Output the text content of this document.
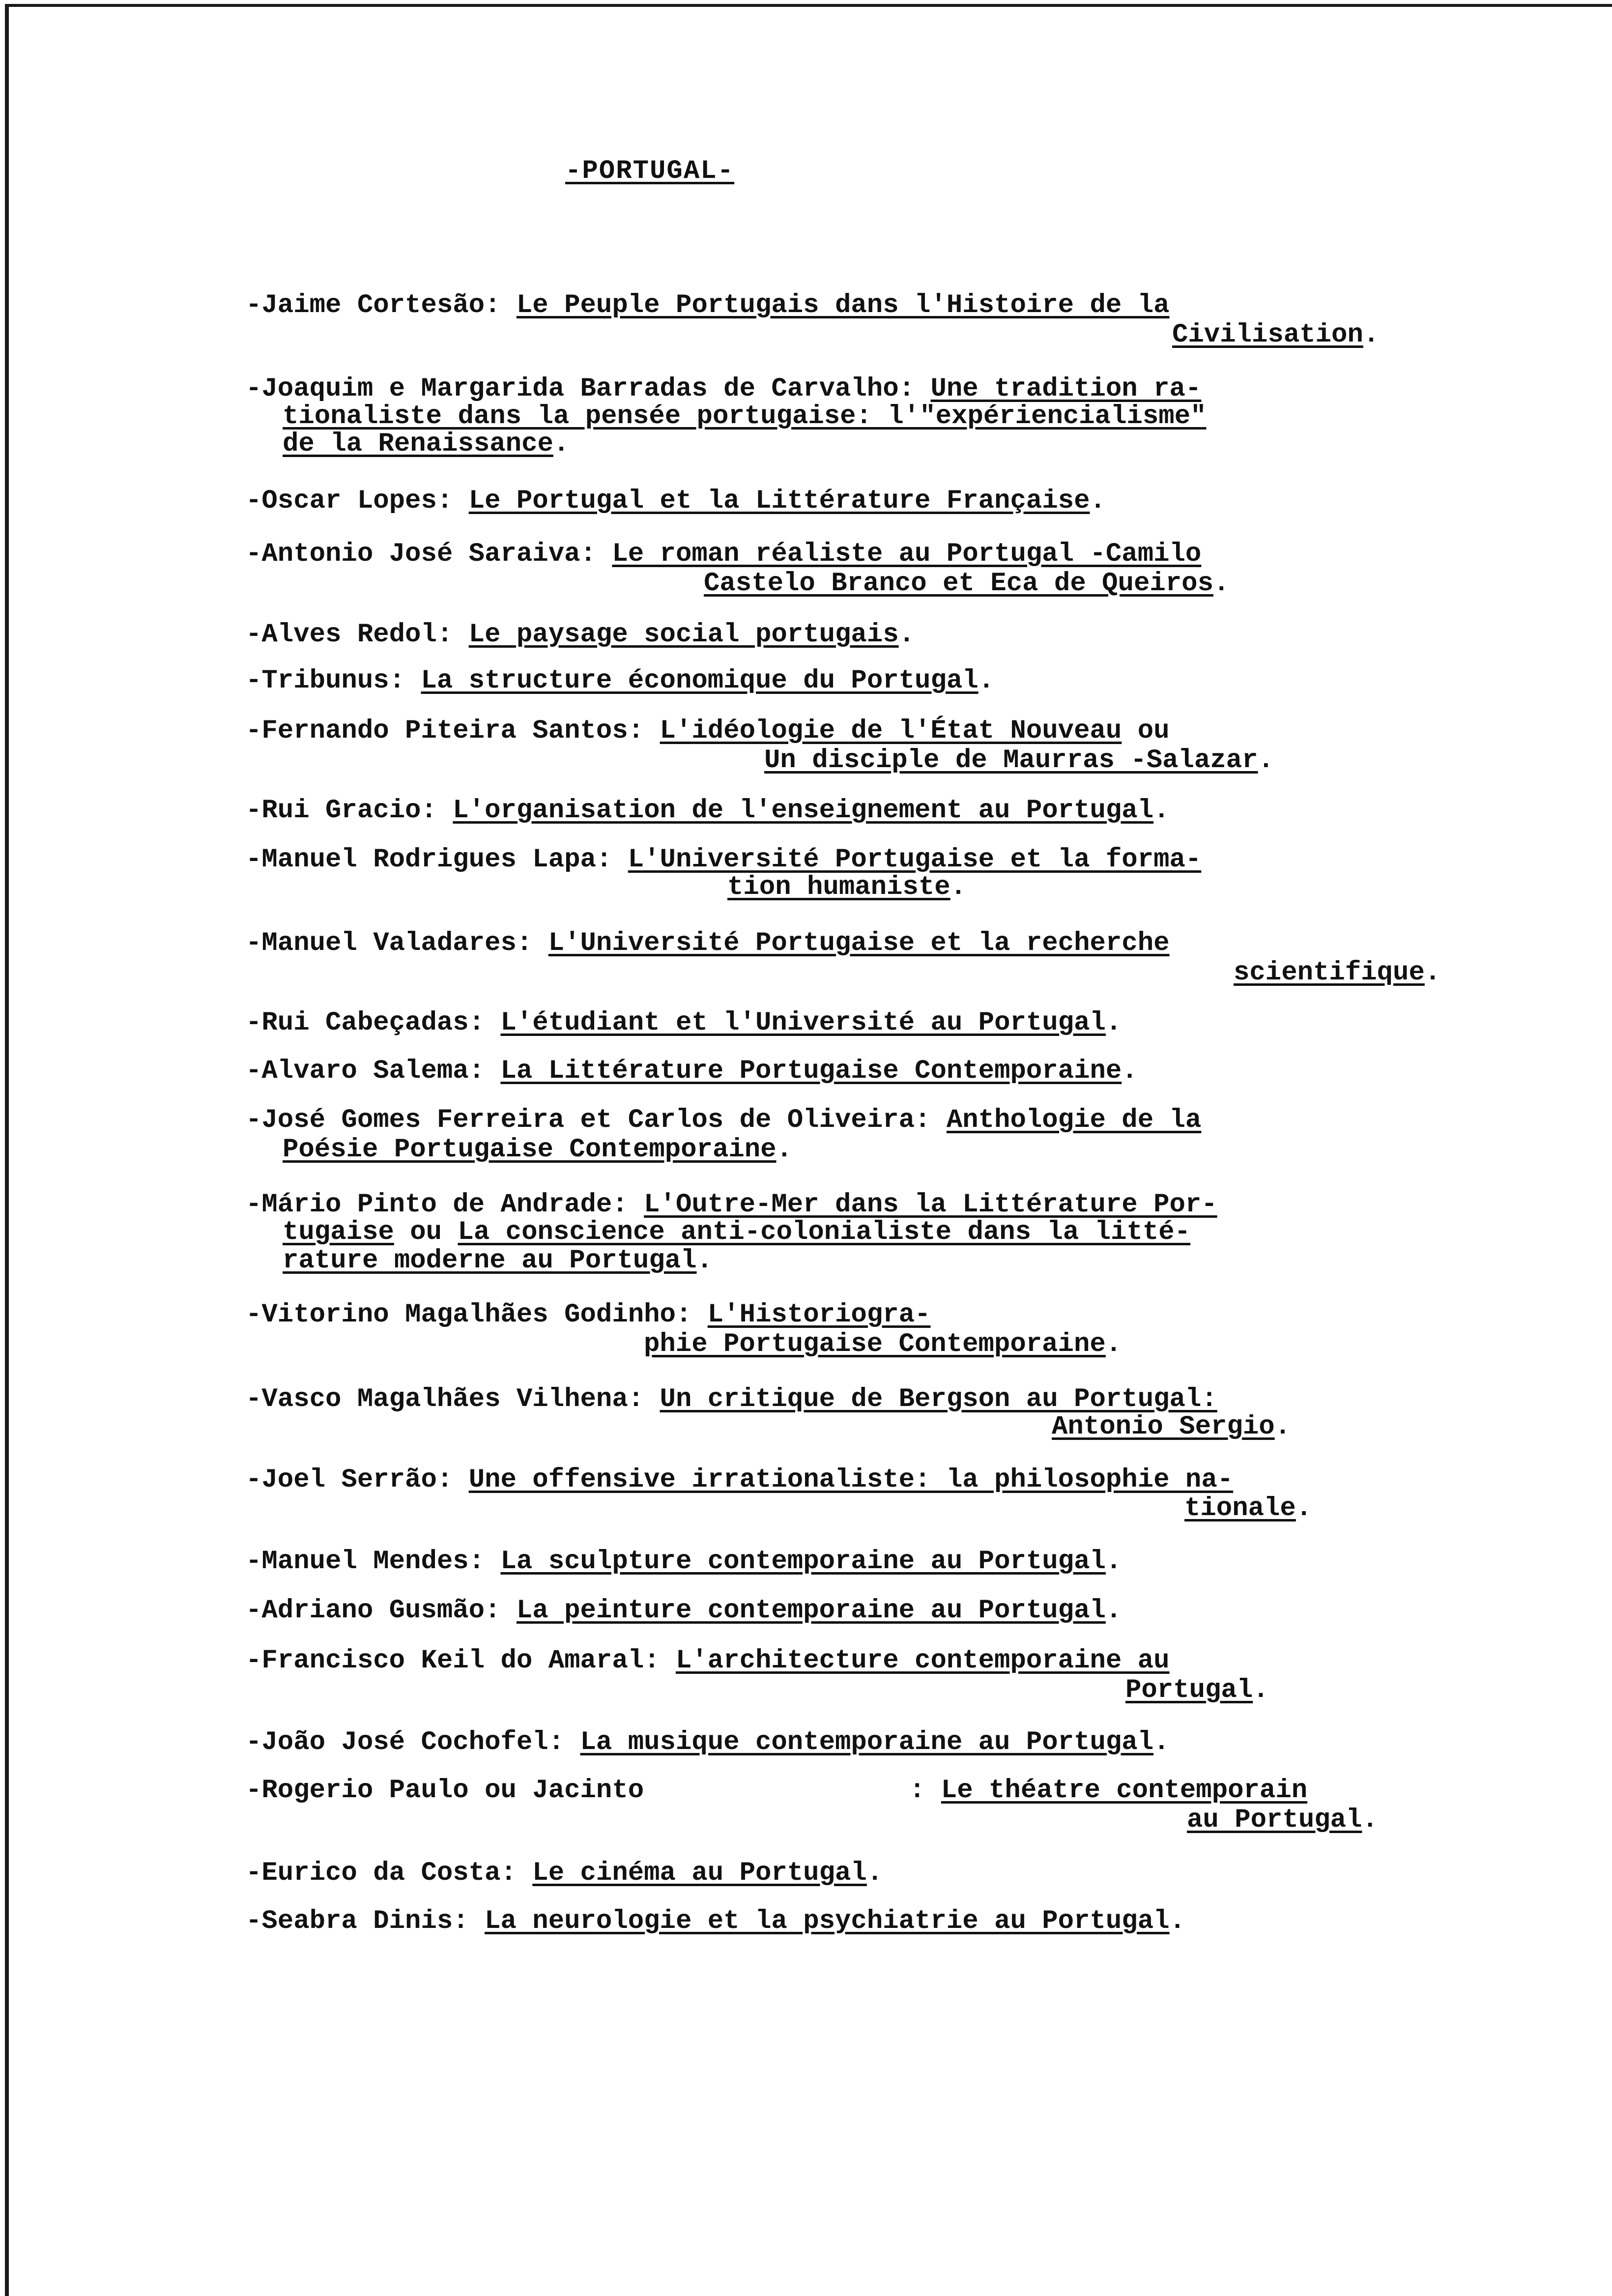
-PORTUGAL-
-Jaime Cortesão: Le Peuple Portugais dans l'Histoire de la
Civilisation.
-Joaquim e Margarida Barradas de Carvalho: Une tradition ra-
tionaliste dans la pensée portugaise: l'"expériencialisme"
de la Renaissance.
-Oscar Lopes: Le Portugal et la Littérature Française.
-Antonio José Saraiva: Le roman réaliste au Portugal -Camilo
Castelo Branco et Eca de Queiros.
-Alves Redol: Le paysage social portugais.
-Tribunus: La structure économique du Portugal.
-Fernando Piteira Santos: L'idéologie de l'État Nouveau ou
Un disciple de Maurras -Salazar.
-Rui Gracio: L'organisation de l'enseignement au Portugal.
-Manuel Rodrigues Lapa: L'Université Portugaise et la forma-
tion humaniste.
-Manuel Valadares: L'Université Portugaise et la recherche
scientifique.
-Rui Cabeçadas: L'étudiant et l'Université au Portugal.
-Alvaro Salema: La Littérature Portugaise Contemporaine.
-José Gomes Ferreira et Carlos de Oliveira: Anthologie de la
Poésie Portugaise Contemporaine.
-Mário Pinto de Andrade: L'Outre-Mer dans la Littérature Por-
tugaise ou La conscience anti-colonialiste dans la litté-
rature moderne au Portugal.
-Vitorino Magalhães Godinho: L'Historiogra-
phie Portugaise Contemporaine.
-Vasco Magalhães Vilhena: Un critique de Bergson au Portugal:
Antonio Sergio.
-Joel Serrão: Une offensive irrationaliste: la philosophie na-
tionale.
-Manuel Mendes: La sculpture contemporaine au Portugal.
-Adriano Gusmão: La peinture contemporaine au Portugal.
-Francisco Keil do Amaral: L'architecture contemporaine au
Portugal.
-João José Cochofel: La musique contemporaine au Portugal.
-Rogerio Paulo ou Jacinto	: Le théatre contemporain
au Portugal.
-Eurico da Costa: Le cinéma au Portugal.
-Seabra Dinis: La neurologie et la psychiatrie au Portugal.
